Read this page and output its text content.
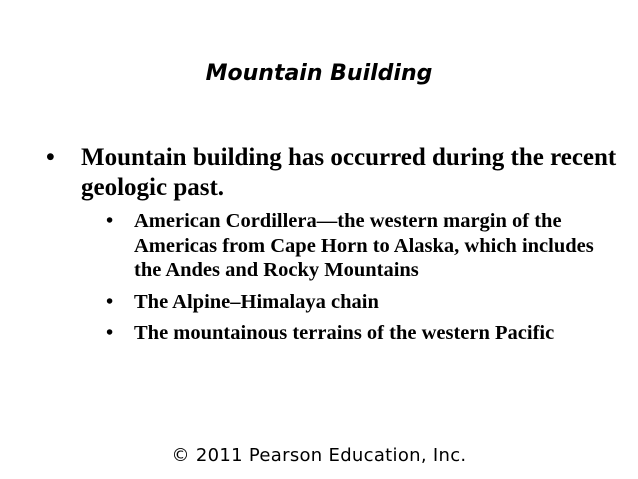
Mountain Building
• Mountain building has occurred during the recent geologic past.
• American Cordillera—the western margin of the Americas from Cape Horn to Alaska, which includes the Andes and Rocky Mountains
• The Alpine–Himalaya chain
• The mountainous terrains of the western Pacific
© 2011 Pearson Education, Inc.
